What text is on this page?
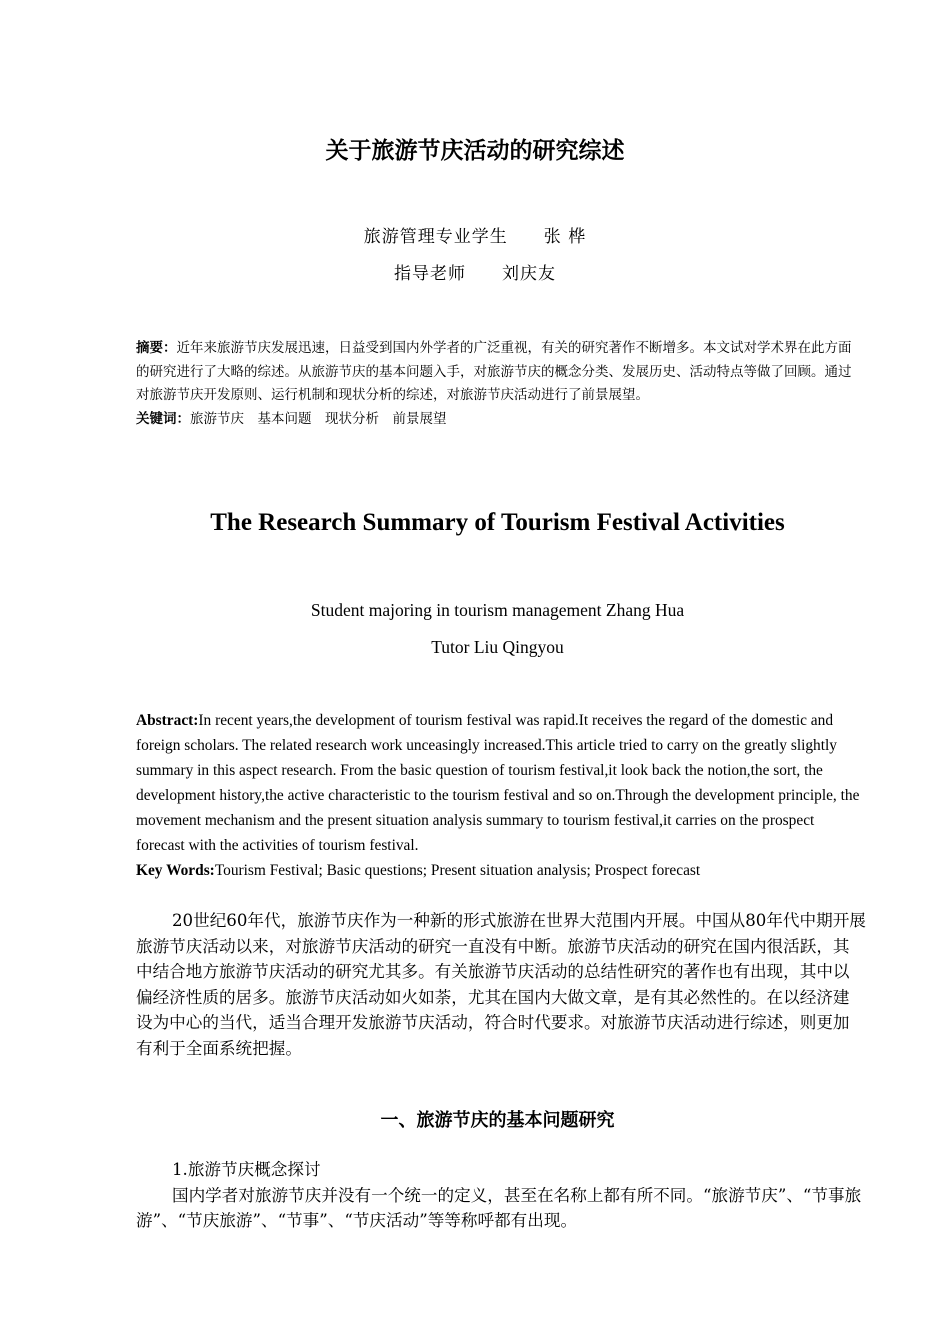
关于旅游节庆活动的研究综述
旅游管理专业学生 张 桦
指导老师 刘庆友

摘要：近年来旅游节庆发展迅速，日益受到国内外学者的广泛重视，有关的研究著作不断增多。本文试对学术界在此方面的研究进行了大略的综述。从旅游节庆的基本问题入手，对旅游节庆的概念分类、发展历史、活动特点等做了回顾。通过对旅游节庆开发原则、运行机制和现状分析的综述，对旅游节庆活动进行了前景展望。

关键词：旅游节庆　基本问题　现状分析　前景展望

The Research Summary of Tourism Festival Activities
Student majoring in tourism management Zhang Hua
Tutor Liu Qingyou

Abstract:In recent years,the development of tourism festival was rapid.It receives the regard of the domestic and foreign scholars. The related research work unceasingly increased.This article tried to carry on the greatly slightly summary in this aspect research. From the basic question of tourism festival,it look back the notion,the sort, the development history,the active characteristic to the tourism festival and so on.Through the development principle, the movement mechanism and the present situation analysis summary to tourism festival,it carries on the prospect forecast with the activities of tourism festival.

Key Words:Tourism Festival; Basic questions; Present situation analysis; Prospect forecast

20世纪60年代，旅游节庆作为一种新的形式旅游在世界大范围内开展。中国从80年代中期开展旅游节庆活动以来，对旅游节庆活动的研究一直没有中断。旅游节庆活动的研究在国内很活跃，其中结合地方旅游节庆活动的研究尤其多。有关旅游节庆活动的总结性研究的著作也有出现，其中以偏经济性质的居多。旅游节庆活动如火如荼，尤其在国内大做文章，是有其必然性的。在以经济建设为中心的当代，适当合理开发旅游节庆活动，符合时代要求。对旅游节庆活动进行综述，则更加有利于全面系统把握。
一、旅游节庆的基本问题研究

1.旅游节庆概念探讨

国内学者对旅游节庆并没有一个统一的定义，甚至在名称上都有所不同。“旅游节庆”、“节事旅游”、“节庆旅游”、“节事”、“节庆活动”等等称呼都有出现。
